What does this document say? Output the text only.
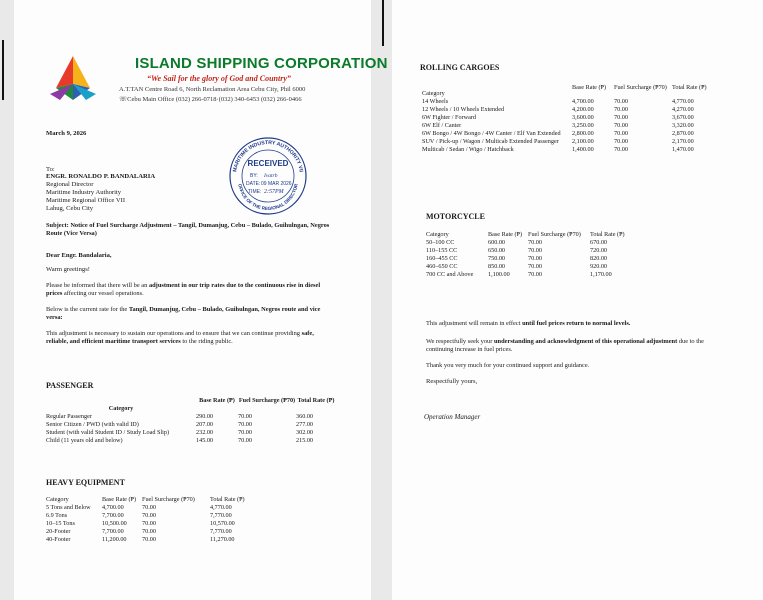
ISLAND SHIPPING CORPORATION
“We Sail for the glory of God and Country”
A.T.TAN Centre Road 6, North Reclamation Area Cebu City, Phil 6000
☏Cebu Main Office (032) 266-0718·(032) 340-6453 (032) 266-0466
March 9, 2026
To:
ENGR. RONALDO P. BANDALARIA
Regional Director
Maritime Industry Authority
Maritime Regional Office VII
Lahug, Cebu City
MARITIME INDUSTRY AUTHORITY VII
OFFICE OF THE REGIONAL DIRECTOR
RECEIVED
BY: Ivatrb
DATE: 09 MAR 2026
TIME: 2:57PM
Subject: Notice of Fuel Surcharge Adjustment – Tangil, Dumanjug, Cebu – Bulado, Guihulngan, Negros Route (Vice Versa)
Dear Engr. Bandalaria,
Warm greetings!
Please be informed that there will be an adjustment in our trip rates due to the continuous rise in diesel prices affecting our vessel operations.
Below is the current rate for the Tangil, Dumanjug, Cebu – Bulado, Guihulngan, Negros route and vice versa:
This adjustment is necessary to sustain our operations and to ensure that we can continue providing safe, reliable, and efficient maritime transport services to the riding public.
PASSENGER
Category	Base Rate (₱)	Fuel Surcharge (₱70)	Total Rate (₱)
Regular Passenger	290.00	70.00	360.00
Senior Citizen / PWD (with valid ID)	207.00	70.00	277.00
Student (with valid Student ID / Study Load Slip)	232.00	70.00	302.00
Child (11 years old and below)	145.00	70.00	215.00
HEAVY EQUIPMENT
Category	Base Rate (₱)	Fuel Surcharge (₱70)	Total Rate (₱)
5 Tons and Below	4,700.00	70.00	4,770.00
6.9 Tons	7,700.00	70.00	7,770.00
10–15 Tons	10,500.00	70.00	10,570.00
20-Footer	7,700.00	70.00	7,770.00
40-Footer	11,200.00	70.00	11,270.00
ROLLING CARGOES
Category	Base Rate (₱)	Fuel Surcharge (₱70)	Total Rate (₱)
14 Wheels	4,700.00	70.00	4,770.00
12 Wheels / 10 Wheels Extended	4,200.00	70.00	4,270.00
6W Fighter / Forward	3,600.00	70.00	3,670.00
6W Elf / Canter	3,250.00	70.00	3,320.00
6W Bongo / 4W Bongo / 4W Canter / Elf Van Extended	2,800.00	70.00	2,870.00
SUV / Pick-up / Wagon / Multicab Extended Passenger	2,100.00	70.00	2,170.00
Multicab / Sedan / Wigo / Hatchback	1,400.00	70.00	1,470.00
MOTORCYCLE
Category	Base Rate (₱)	Fuel Surcharge (₱70)	Total Rate (₱)
50–100 CC	600.00	70.00	670.00
110–155 CC	650.00	70.00	720.00
160–455 CC	750.00	70.00	820.00
460–650 CC	850.00	70.00	920.00
700 CC and Above	1,100.00	70.00	1,170.00
This adjustment will remain in effect until fuel prices return to normal levels.
We respectfully seek your understanding and acknowledgment of this operational adjustment due to the continuing increase in fuel prices.
Thank you very much for your continued support and guidance.
Respectfully yours,
Operation Manager
